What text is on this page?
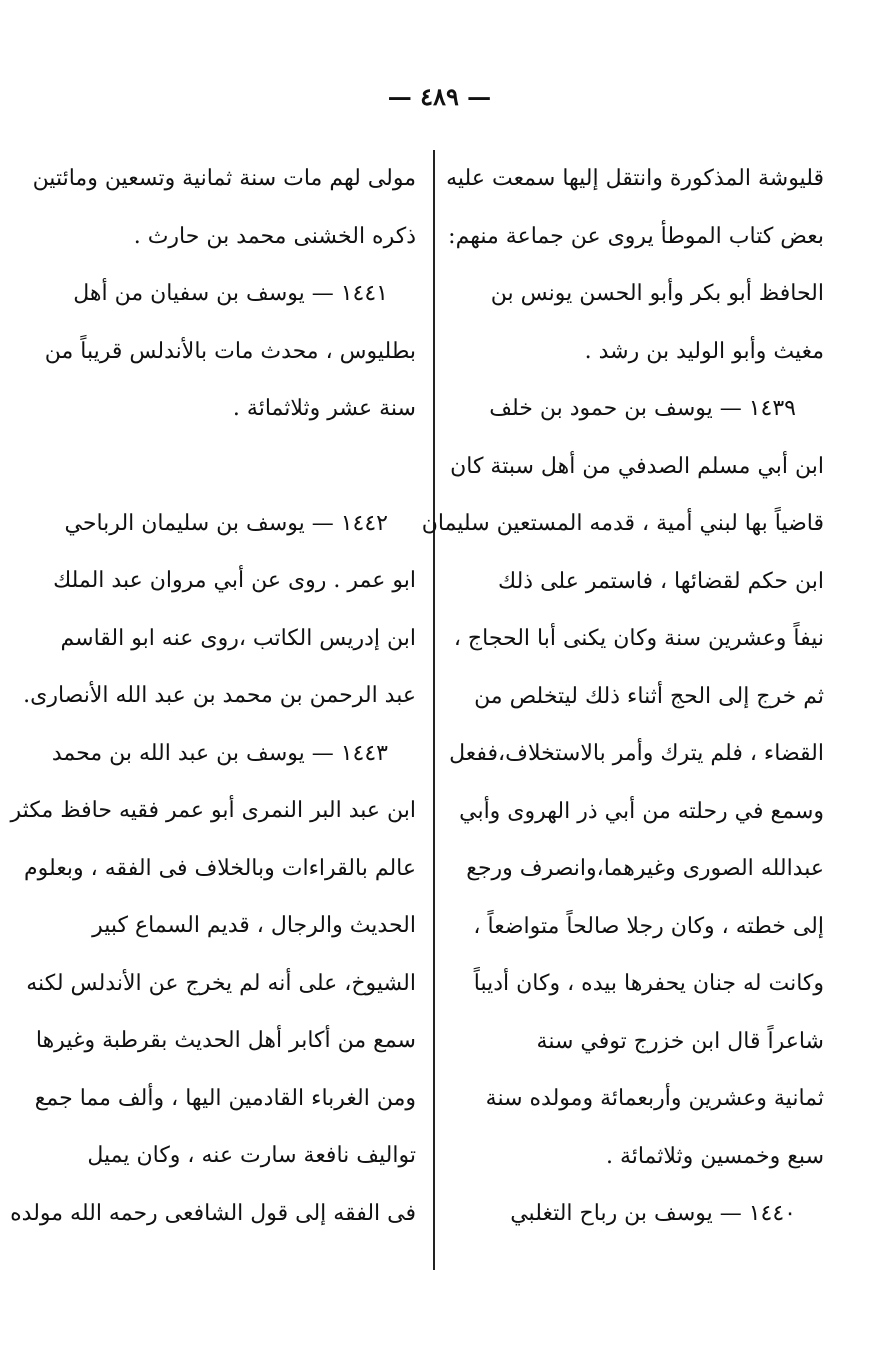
— ٤٨٩ —
قليوشة المذكورة وانتقل إليها سمعت عليه
بعض كتاب الموطأ يروى عن جماعة منهم:
الحافظ أبو بكر وأبو الحسن يونس بن
مغيث وأبو الوليد بن رشد .
١٤٣٩ — يوسف بن حمود بن خلف
ابن أبي مسلم الصدفي من أهل سبتة كان
قاضياً بها لبني أمية ، قدمه المستعين سليمان
ابن حكم لقضائها ، فاستمر على ذلك
نيفاً وعشرين سنة وكان يكنى أبا الحجاج ،
ثم خرج إلى الحج أثناء ذلك ليتخلص من
القضاء ، فلم يترك وأمر بالاستخلاف،ففعل
وسمع في رحلته من أبي ذر الهروى وأبي
عبدالله الصورى وغيرهما،وانصرف ورجع
إلى خطته ، وكان رجلا صالحاً متواضعاً ،
وكانت له جنان يحفرها بيده ، وكان أديباً
شاعراً قال ابن خزرج توفي سنة
ثمانية وعشرين وأربعمائة ومولده سنة
سبع وخمسين وثلاثمائة .
١٤٤٠ — يوسف بن رباح التغلبي
مولى لهم مات سنة ثمانية وتسعين ومائتين
ذكره الخشنى محمد بن حارث .
١٤٤١ — يوسف بن سفيان من أهل
بطليوس ، محدث مات بالأندلس قريباً من
سنة عشر وثلاثمائة .
١٤٤٢ — يوسف بن سليمان الرباحي
ابو عمر . روى عن أبي مروان عبد الملك
ابن إدريس الكاتب ،روى عنه ابو القاسم
عبد الرحمن بن محمد بن عبد الله الأنصارى.
١٤٤٣ — يوسف بن عبد الله بن محمد
ابن عبد البر النمرى أبو عمر فقيه حافظ مكثر
عالم بالقراءات وبالخلاف فى الفقه ، وبعلوم
الحديث والرجال ، قديم السماع كبير
الشيوخ، على أنه لم يخرج عن الأندلس لكنه
سمع من أكابر أهل الحديث بقرطبة وغيرها
ومن الغرباء القادمين اليها ، وألف مما جمع
تواليف نافعة سارت عنه ، وكان يميل
فى الفقه إلى قول الشافعى رحمه الله مولده
